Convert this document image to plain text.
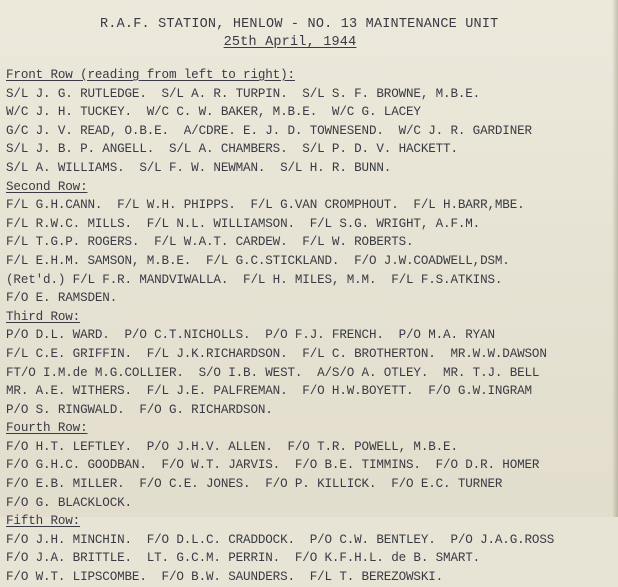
R.A.F. STATION, HENLOW - NO. 13 MAINTENANCE UNIT
25th April, 1944
Front Row (reading from left to right):
S/L J. G. RUTLEDGE.  S/L A. R. TURPIN.  S/L S. F. BROWNE, M.B.E.
W/C J. H. TUCKEY.  W/C C. W. BAKER, M.B.E.  W/C G. LACEY
G/C J. V. READ, O.B.E.  A/CDRE. E. J. D. TOWNESEND.  W/C J. R. GARDINER
S/L J. B. P. ANGELL.  S/L A. CHAMBERS.  S/L P. D. V. HACKETT.
S/L A. WILLIAMS.  S/L F. W. NEWMAN.  S/L H. R. BUNN.
Second Row:
F/L G.H.CANN.  F/L W.H. PHIPPS.  F/L G.VAN CROMPHOUT.  F/L H.BARR,MBE.
F/L R.W.C. MILLS.  F/L N.L. WILLIAMSON.  F/L S.G. WRIGHT, A.F.M.
F/L T.G.P. ROGERS.  F/L W.A.T. CARDEW.  F/L W. ROBERTS.
F/L E.H.M. SAMSON, M.B.E.  F/L G.C.STICKLAND.  F/O J.W.COADWELL,DSM.
(Ret'd.) F/L F.R. MANDVIWALLA.  F/L H. MILES, M.M.  F/L F.S.ATKINS.
F/O E. RAMSDEN.
Third Row:
P/O D.L. WARD.  P/O C.T.NICHOLLS.  P/O F.J. FRENCH.  P/O M.A. RYAN
F/L C.E. GRIFFIN.  F/L J.K.RICHARDSON.  F/L C. BROTHERTON.  MR.W.W.DAWSON
FT/O I.M.de M.G.COLLIER.  S/O I.B. WEST.  A/S/O A. OTLEY.  MR. T.J. BELL
MR. A.E. WITHERS.  F/L J.E. PALFREMAN.  F/O H.W.BOYETT.  F/O G.W.INGRAM
P/O S. RINGWALD.  F/O G. RICHARDSON.
Fourth Row:
F/O H.T. LEFTLEY.  P/O J.H.V. ALLEN.  F/O T.R. POWELL, M.B.E.
F/O G.H.C. GOODBAN.  F/O W.T. JARVIS.  F/O B.E. TIMMINS.  F/O D.R. HOMER
F/O E.B. MILLER.  F/O C.E. JONES.  F/O P. KILLICK.  F/O E.C. TURNER
F/O G. BLACKLOCK.
Fifth Row:
F/O J.H. MINCHIN.  F/O D.L.C. CRADDOCK.  P/O C.W. BENTLEY.  P/O J.A.G.ROSS
F/O J.A. BRITTLE.  LT. G.C.M. PERRIN.  F/O K.F.H.L. de B. SMART.
F/O W.T. LIPSCOMBE.  F/O B.W. SAUNDERS.  F/L T. BEREZOWSKI.
